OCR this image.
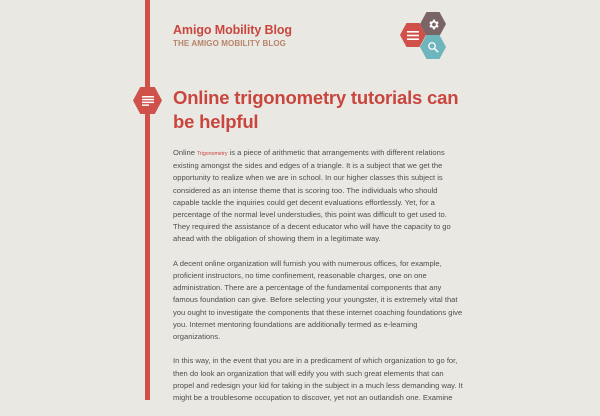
Amigo Mobility Blog
THE AMIGO MOBILITY BLOG
Online trigonometry tutorials can be helpful

Online Trigonometry is a piece of arithmetic that arrangements with different relations existing amongst the sides and edges of a triangle. It is a subject that we get the opportunity to realize when we are in school. In our higher classes this subject is considered as an intense theme that is scoring too. The individuals who should capable tackle the inquiries could get decent evaluations effortlessly. Yet, for a percentage of the normal level understudies, this point was difficult to get used to. They required the assistance of a decent educator who will have the capacity to go ahead with the obligation of showing them in a legitimate way.

A decent online organization will furnish you with numerous offices, for example, proficient instructors, no time confinement, reasonable charges, one on one administration. There are a percentage of the fundamental components that any famous foundation can give. Before selecting your youngster, it is extremely vital that you ought to investigate the components that these internet coaching foundations give you. Internet mentoring foundations are additionally termed as e-learning organizations.

In this way, in the event that you are in a predicament of which organization to go for, then do look an organization that will edify you with such great elements that can propel and redesign your kid for taking in the subject in a much less demanding way. It might be a troublesome occupation to discover, yet not an outlandish one. Examine
